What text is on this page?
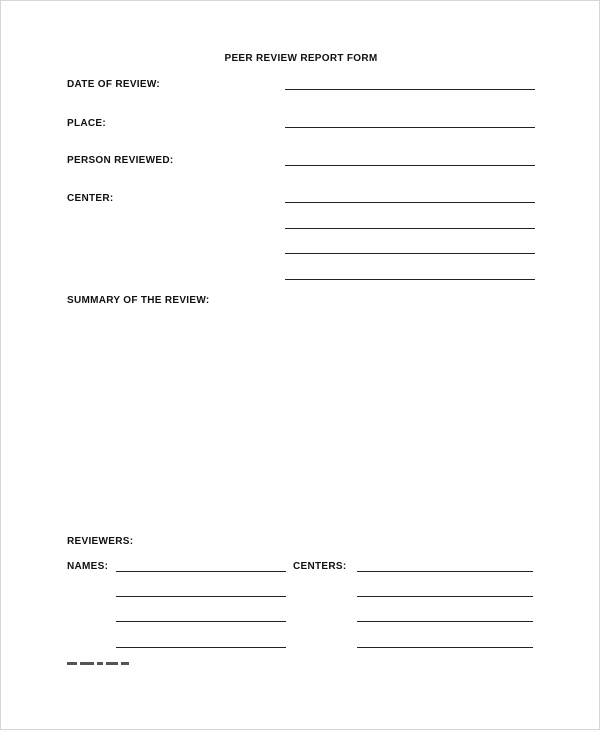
PEER REVIEW REPORT FORM
DATE OF REVIEW:
PLACE:
PERSON REVIEWED:
CENTER:
SUMMARY OF THE REVIEW:
REVIEWERS:
NAMES:	CENTERS:
